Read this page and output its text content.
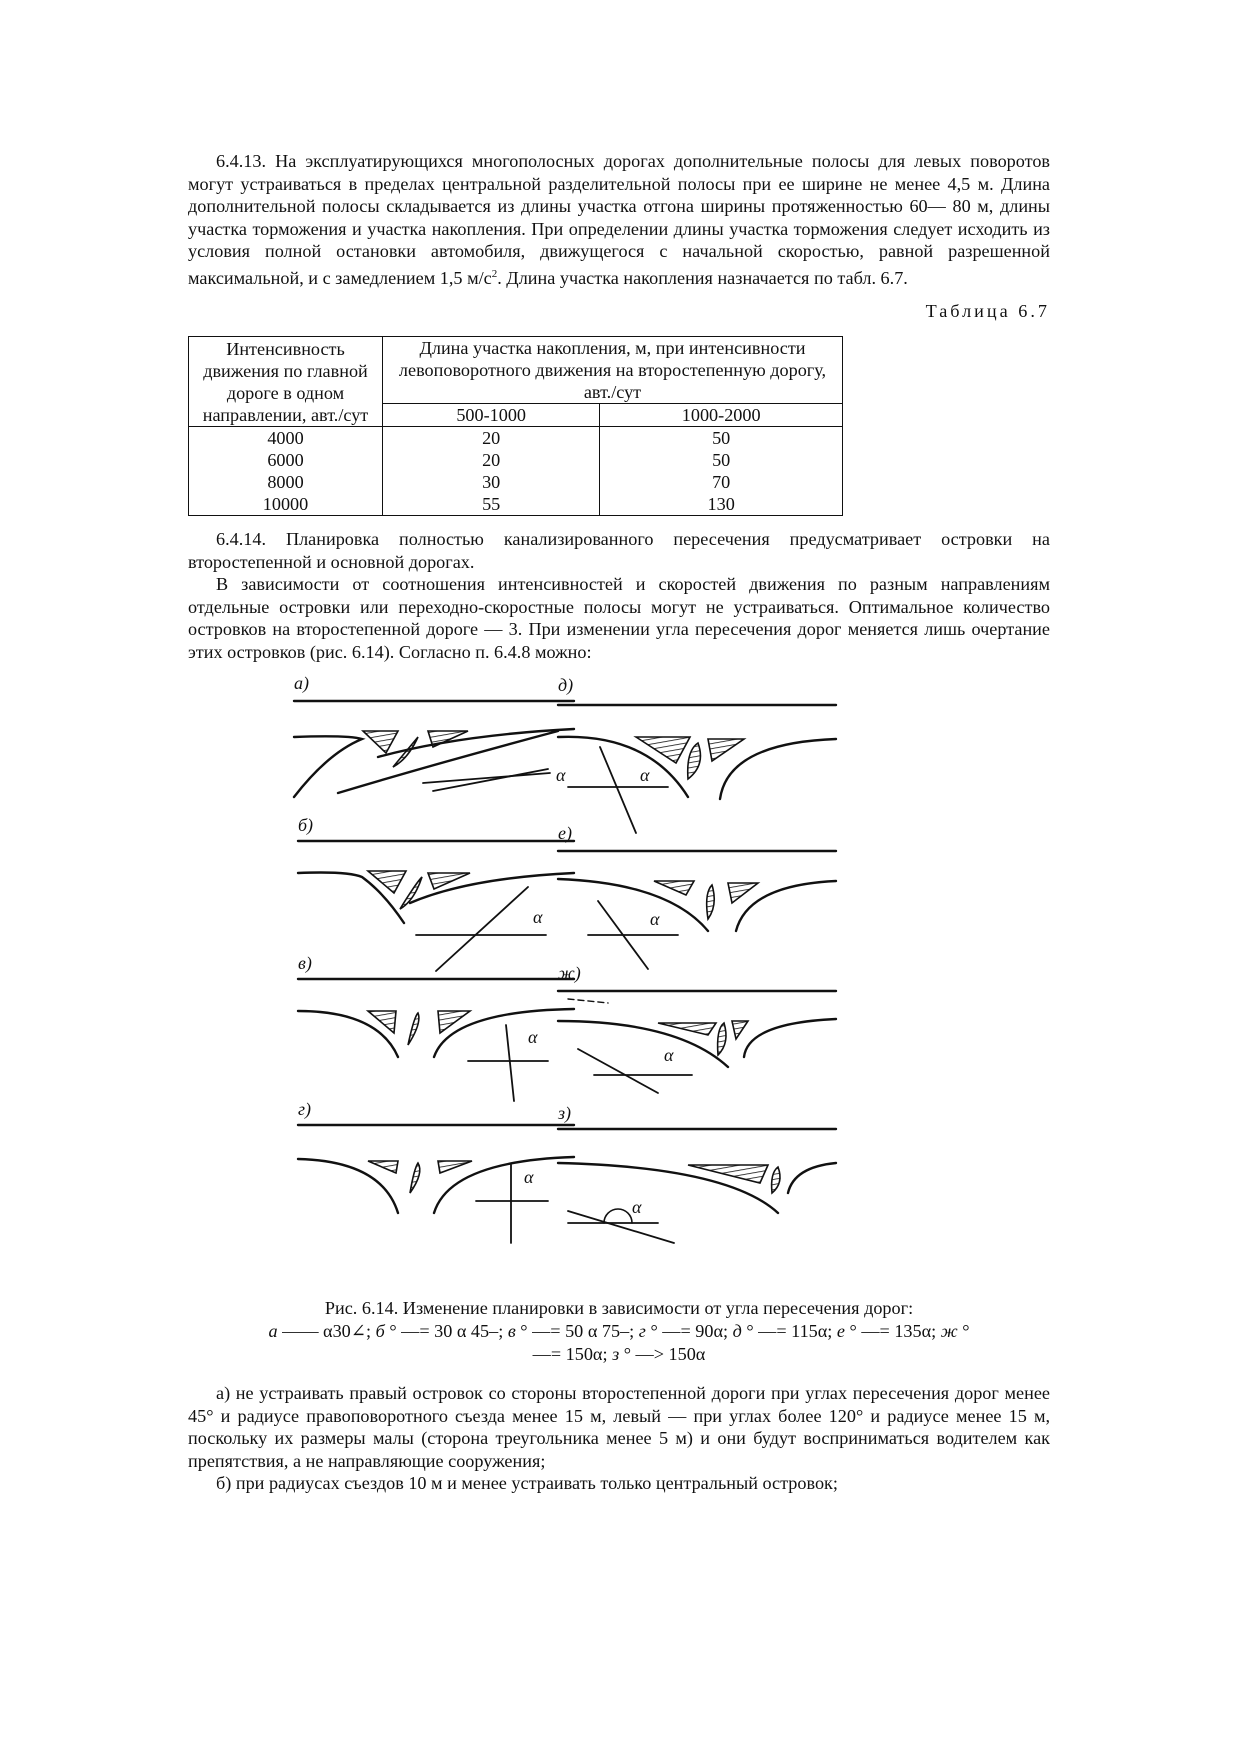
6.4.13. На эксплуатирующихся многополосных дорогах дополнительные полосы для левых поворотов могут устраиваться в пределах центральной разделительной полосы при ее ширине не менее 4,5 м. Длина дополнительной полосы складывается из длины участка отгона ширины протяженностью 60— 80 м, длины участка торможения и участка накопления. При определении длины участка торможения следует исходить из условия полной остановки автомобиля, движущегося с начальной скоростью, равной разрешенной максимальной, и с замедлением 1,5 $м/с^2$. Длина участка накопления назначается по табл. 6.7.

Таблица 6.7
Интенсивность движения по главной дороге в одном направлении, авт./сут	Длина участка накопления, м, при интенсивности левоповоротного движения на второстепенную дорогу, авт./сут	
	500-1000	1000-2000
4000	20	50
6000	20	50
8000	30	70
10000	55	130

6.4.14. Планировка полностью канализированного пересечения предусматривает островки на второстепенной и основной дорогах.

В зависимости от соотношения интенсивностей и скоростей движения по разным направлениям отдельные островки или переходно-скоростные полосы могут не устраиваться. Оптимальное количество островков на второстепенной дороге — 3. При изменении угла пересечения дорог меняется лишь очертание этих островков (рис. 6.14). Согласно п. 6.4.8 можно:

а)
α
б)
α
в)
α
г)
α
д)
α
е)
α
ж)
α
з)
α
Рис. 6.14. Изменение планировки в зависимости от угла пересечения дорог:
а —— α30∠; б ° —= 30 α 45–; в ° —= 50 α 75–; г ° —= 90α; д ° —= 115α; е ° —= 135α; ж °
—= 150α; з ° —> 150α

а) не устраивать правый островок со стороны второстепенной дороги при углах пересечения дорог менее 45° и радиусе правоповоротного съезда менее 15 м, левый — при углах более 120° и радиусе менее 15 м, поскольку их размеры малы (сторона треугольника менее 5 м) и они будут восприниматься водителем как препятствия, а не направляющие сооружения;

б) при радиусах съездов 10 м и менее устраивать только центральный островок;
